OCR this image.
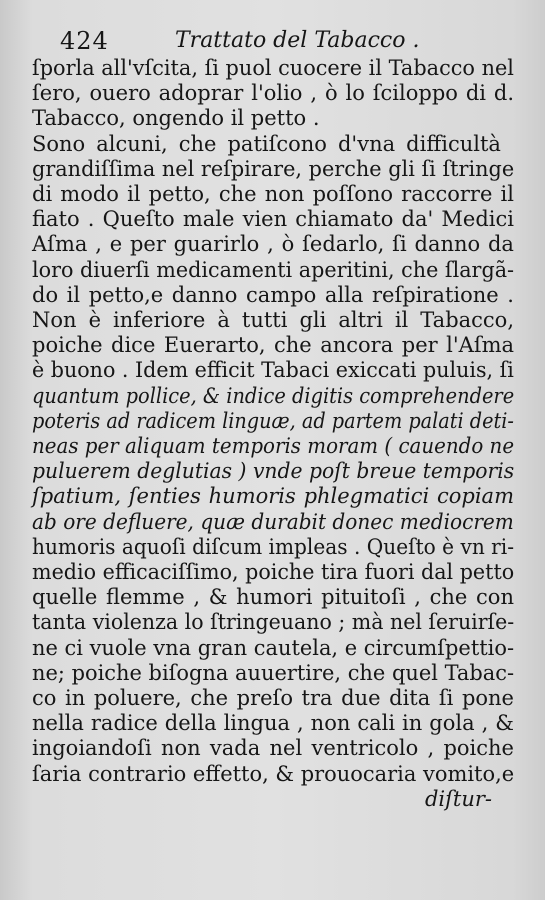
424	Trattato del Tabacco .
ſporla all'vſcita, ſi puol cuocere il Tabacco nel
ſero, ouero adoprar l'olio , ò lo ſciloppo di d.
Tabacco, ongendo il petto .
Sono alcuni, che patiſcono d'vna difficultà
grandiſſima nel reſpirare, perche gli ſi ſtringe
di modo il petto, che non poſſono raccorre il
fiato . Queſto male vien chiamato da' Medici
Aſma , e per guarirlo , ò ſedarlo, ſi danno da
loro diuerſi medicamenti aperitini, che ſlargã-
do il petto,e danno campo alla reſpiratione .
Non è inferiore à tutti gli altri il Tabacco,
poiche dice Euerarto, che ancora per l'Aſma
è buono . Idem efficit Tabaci exiccati puluis, ſi
quantum pollice, & indice digitis comprehendere
poteris ad radicem linguæ, ad partem palati deti-
neas per aliquam temporis moram ( cauendo ne
puluerem deglutias ) vnde poſt breue temporis
ſpatium, ſenties humoris phlegmatici copiam
ab ore defluere, quæ durabit donec mediocrem
humoris aquoſi diſcum impleas . Queſto è vn ri-
medio efficaciſſimo, poiche tira fuori dal petto
quelle flemme , & humori pituitoſi , che con
tanta violenza lo ſtringeuano ; mà nel ſeruirſe-
ne ci vuole vna gran cautela, e circumſpettio-
ne; poiche biſogna auuertire, che quel Tabac-
co in poluere, che preſo tra due dita ſi pone
nella radice della lingua , non cali in gola , &
ingoiandoſi non vada nel ventricolo , poiche
ſaria contrario effetto, & prouocaria vomito,e
diſtur-
